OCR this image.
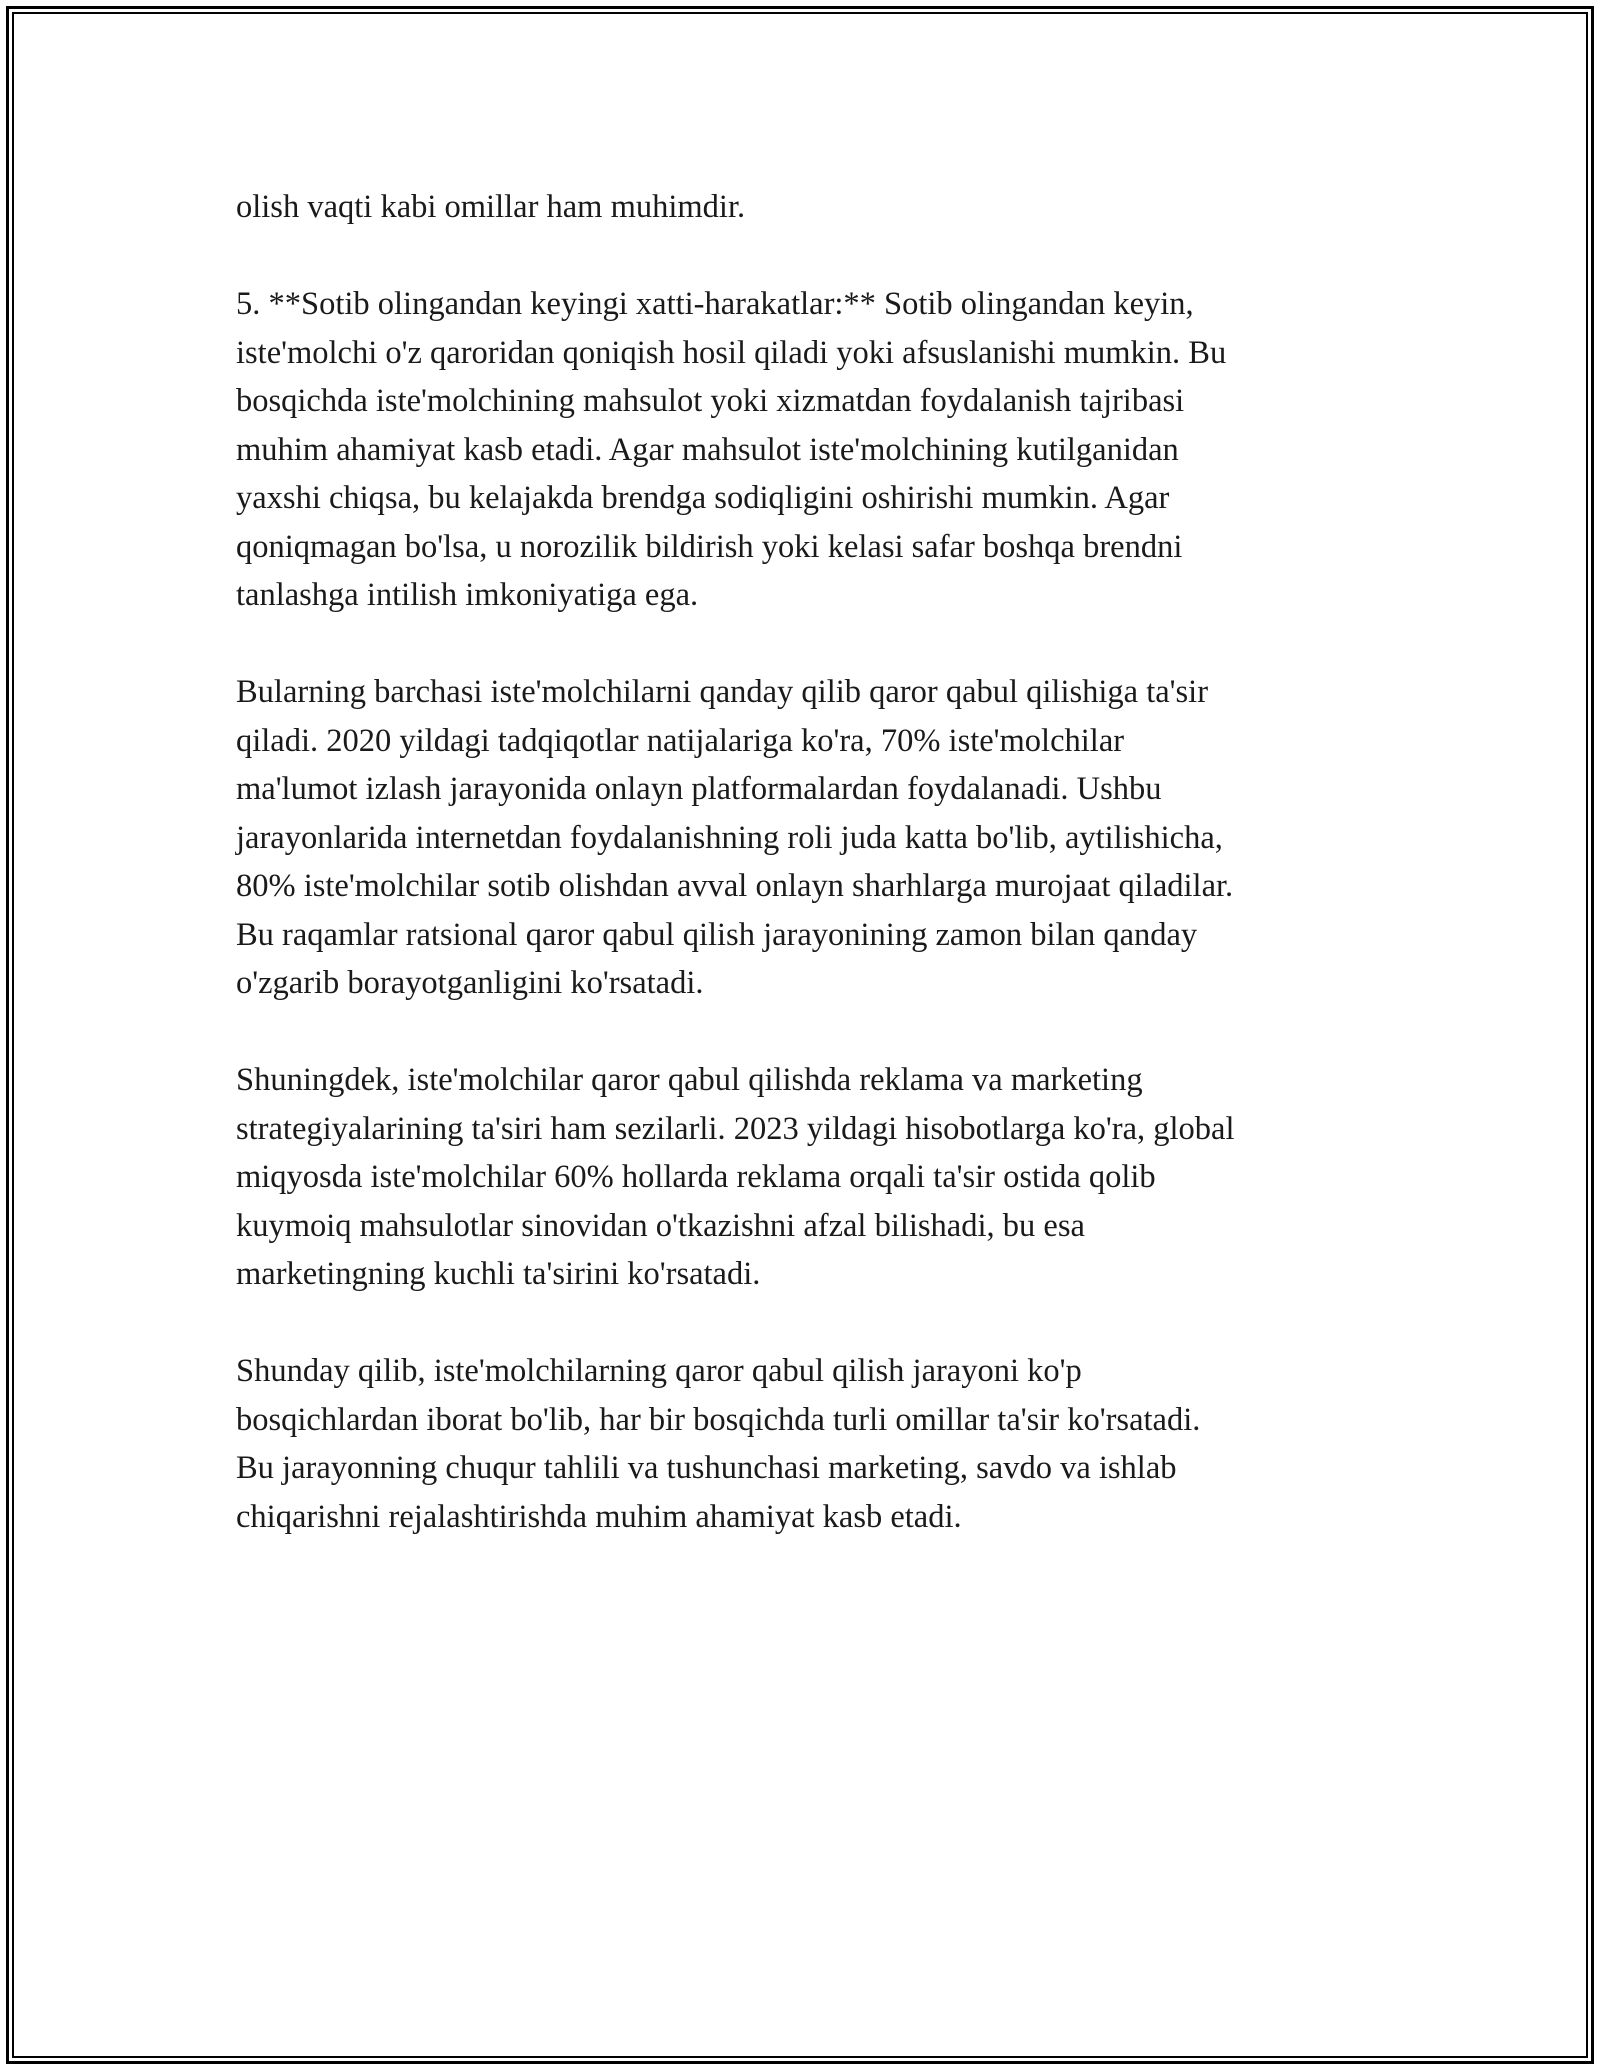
olish vaqti kabi omillar ham muhimdir.

5. **Sotib olingandan keyingi xatti-harakatlar:** Sotib olingandan keyin,
iste'molchi o'z qaroridan qoniqish hosil qiladi yoki afsuslanishi mumkin. Bu
bosqichda iste'molchining mahsulot yoki xizmatdan foydalanish tajribasi
muhim ahamiyat kasb etadi. Agar mahsulot iste'molchining kutilganidan
yaxshi chiqsa, bu kelajakda brendga sodiqligini oshirishi mumkin. Agar
qoniqmagan bo'lsa, u norozilik bildirish yoki kelasi safar boshqa brendni
tanlashga intilish imkoniyatiga ega.

Bularning barchasi iste'molchilarni qanday qilib qaror qabul qilishiga ta'sir
qiladi. 2020 yildagi tadqiqotlar natijalariga ko'ra, 70% iste'molchilar
ma'lumot izlash jarayonida onlayn platformalardan foydalanadi. Ushbu
jarayonlarida internetdan foydalanishning roli juda katta bo'lib, aytilishicha,
80% iste'molchilar sotib olishdan avval onlayn sharhlarga murojaat qiladilar.
Bu raqamlar ratsional qaror qabul qilish jarayonining zamon bilan qanday
o'zgarib borayotganligini ko'rsatadi.

Shuningdek, iste'molchilar qaror qabul qilishda reklama va marketing
strategiyalarining ta'siri ham sezilarli. 2023 yildagi hisobotlarga ko'ra, global
miqyosda iste'molchilar 60% hollarda reklama orqali ta'sir ostida qolib
kuymoiq mahsulotlar sinovidan o'tkazishni afzal bilishadi, bu esa
marketingning kuchli ta'sirini ko'rsatadi.

Shunday qilib, iste'molchilarning qaror qabul qilish jarayoni ko'p
bosqichlardan iborat bo'lib, har bir bosqichda turli omillar ta'sir ko'rsatadi.
Bu jarayonning chuqur tahlili va tushunchasi marketing, savdo va ishlab
chiqarishni rejalashtirishda muhim ahamiyat kasb etadi.
